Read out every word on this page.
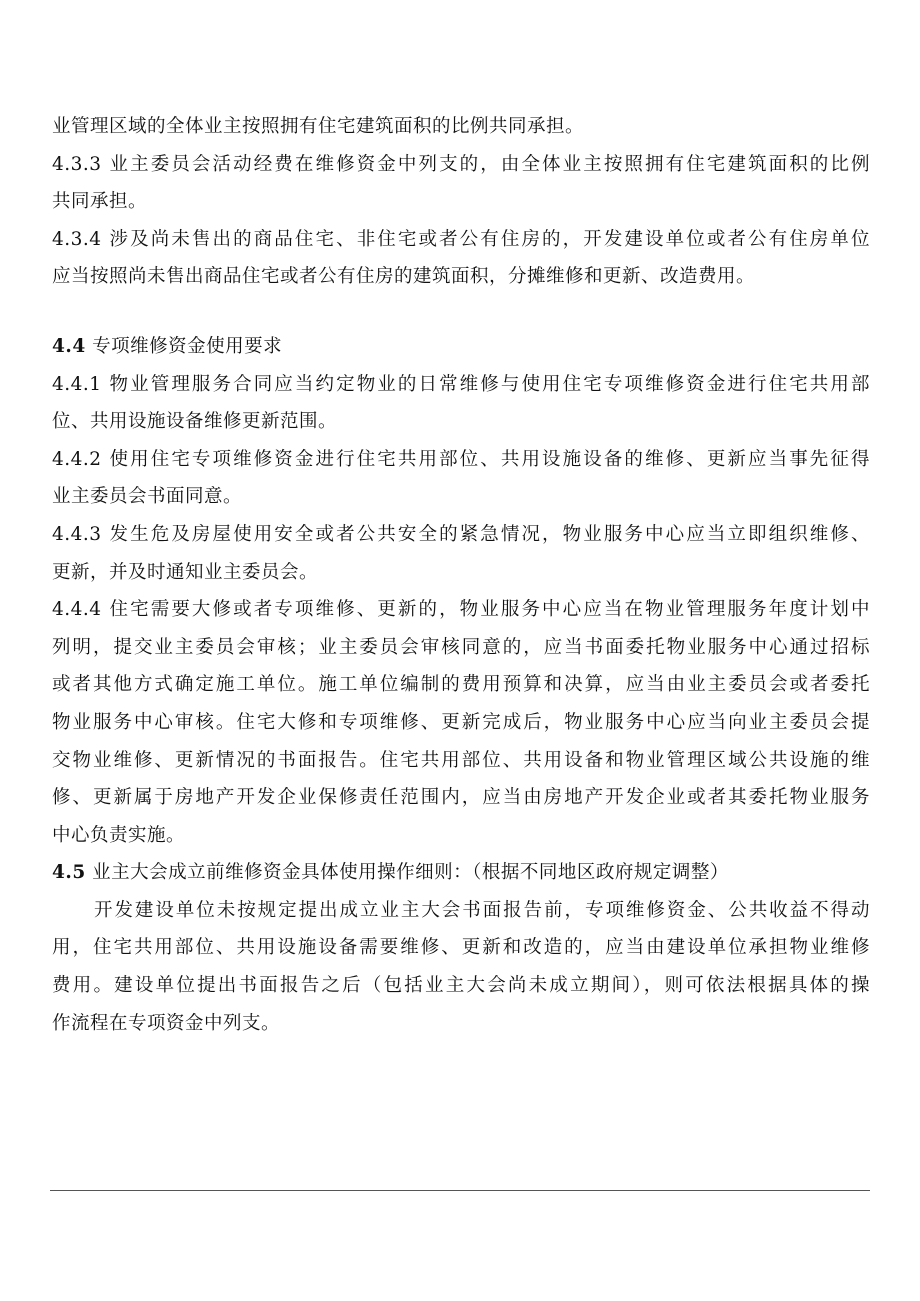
业管理区域的全体业主按照拥有住宅建筑面积的比例共同承担。
4.3.3 业主委员会活动经费在维修资金中列支的，由全体业主按照拥有住宅建筑面积的比例
共同承担。
4.3.4 涉及尚未售出的商品住宅、非住宅或者公有住房的，开发建设单位或者公有住房单位
应当按照尚未售出商品住宅或者公有住房的建筑面积，分摊维修和更新、改造费用。
4.4 专项维修资金使用要求
4.4.1 物业管理服务合同应当约定物业的日常维修与使用住宅专项维修资金进行住宅共用部
位、共用设施设备维修更新范围。
4.4.2 使用住宅专项维修资金进行住宅共用部位、共用设施设备的维修、更新应当事先征得
业主委员会书面同意。
4.4.3 发生危及房屋使用安全或者公共安全的紧急情况，物业服务中心应当立即组织维修、
更新，并及时通知业主委员会。
4.4.4 住宅需要大修或者专项维修、更新的，物业服务中心应当在物业管理服务年度计划中
列明，提交业主委员会审核；业主委员会审核同意的，应当书面委托物业服务中心通过招标
或者其他方式确定施工单位。施工单位编制的费用预算和决算，应当由业主委员会或者委托
物业服务中心审核。住宅大修和专项维修、更新完成后，物业服务中心应当向业主委员会提
交物业维修、更新情况的书面报告。住宅共用部位、共用设备和物业管理区域公共设施的维
修、更新属于房地产开发企业保修责任范围内，应当由房地产开发企业或者其委托物业服务
中心负责实施。
4.5 业主大会成立前维修资金具体使用操作细则：（根据不同地区政府规定调整）
开发建设单位未按规定提出成立业主大会书面报告前，专项维修资金、公共收益不得动
用，住宅共用部位、共用设施设备需要维修、更新和改造的，应当由建设单位承担物业维修
费用。建设单位提出书面报告之后（包括业主大会尚未成立期间），则可依法根据具体的操
作流程在专项资金中列支。
